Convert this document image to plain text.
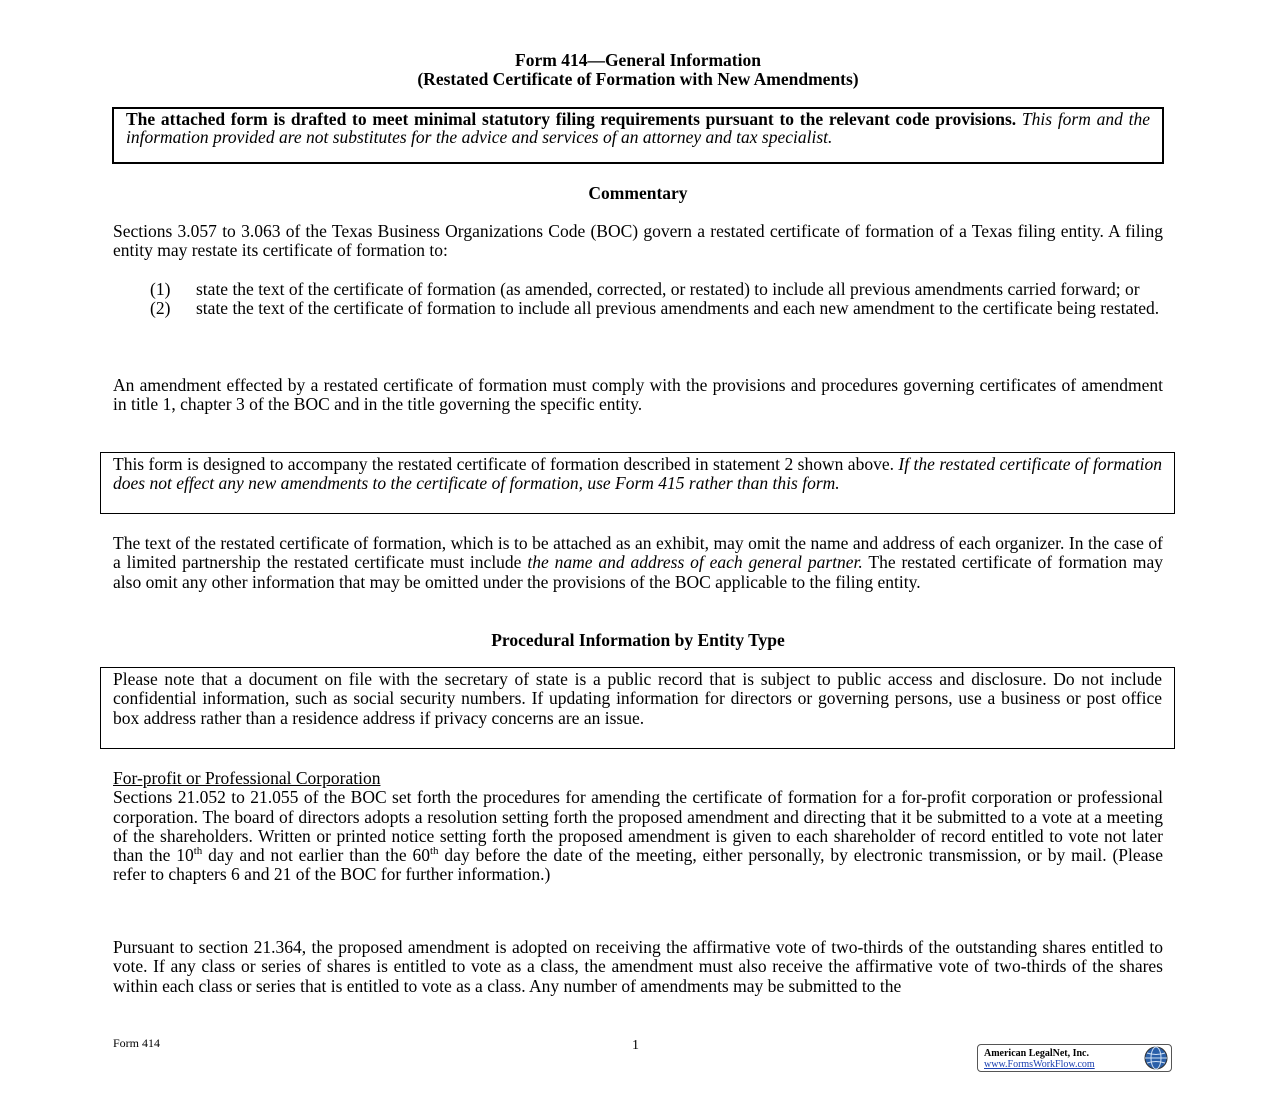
Form 414—General Information
(Restated Certificate of Formation with New Amendments)

The attached form is drafted to meet minimal statutory filing requirements pursuant to the relevant code provisions. This form and the information provided are not substitutes for the advice and services of an attorney and tax specialist.

Commentary

Sections 3.057 to 3.063 of the Texas Business Organizations Code (BOC) govern a restated certificate of formation of a Texas filing entity. A filing entity may restate its certificate of formation to:

(1) state the text of the certificate of formation (as amended, corrected, or restated) to include all previous amendments carried forward; or
(2) state the text of the certificate of formation to include all previous amendments and each new amendment to the certificate being restated.

An amendment effected by a restated certificate of formation must comply with the provisions and procedures governing certificates of amendment in title 1, chapter 3 of the BOC and in the title governing the specific entity.

This form is designed to accompany the restated certificate of formation described in statement 2 shown above. If the restated certificate of formation does not effect any new amendments to the certificate of formation, use Form 415 rather than this form.

The text of the restated certificate of formation, which is to be attached as an exhibit, may omit the name and address of each organizer. In the case of a limited partnership the restated certificate must include the name and address of each general partner. The restated certificate of formation may also omit any other information that may be omitted under the provisions of the BOC applicable to the filing entity.

Procedural Information by Entity Type

Please note that a document on file with the secretary of state is a public record that is subject to public access and disclosure. Do not include confidential information, such as social security numbers. If updating information for directors or governing persons, use a business or post office box address rather than a residence address if privacy concerns are an issue.

For-profit or Professional Corporation

Sections 21.052 to 21.055 of the BOC set forth the procedures for amending the certificate of formation for a for-profit corporation or professional corporation. The board of directors adopts a resolution setting forth the proposed amendment and directing that it be submitted to a vote at a meeting of the shareholders. Written or printed notice setting forth the proposed amendment is given to each shareholder of record entitled to vote not later than the 10th day and not earlier than the 60th day before the date of the meeting, either personally, by electronic transmission, or by mail. (Please refer to chapters 6 and 21 of the BOC for further information.)

Pursuant to section 21.364, the proposed amendment is adopted on receiving the affirmative vote of two-thirds of the outstanding shares entitled to vote. If any class or series of shares is entitled to vote as a class, the amendment must also receive the affirmative vote of two-thirds of the shares within each class or series that is entitled to vote as a class. Any number of amendments may be submitted to the

Form 414	1
American LegalNet, Inc.
www.FormsWorkFlow.com
